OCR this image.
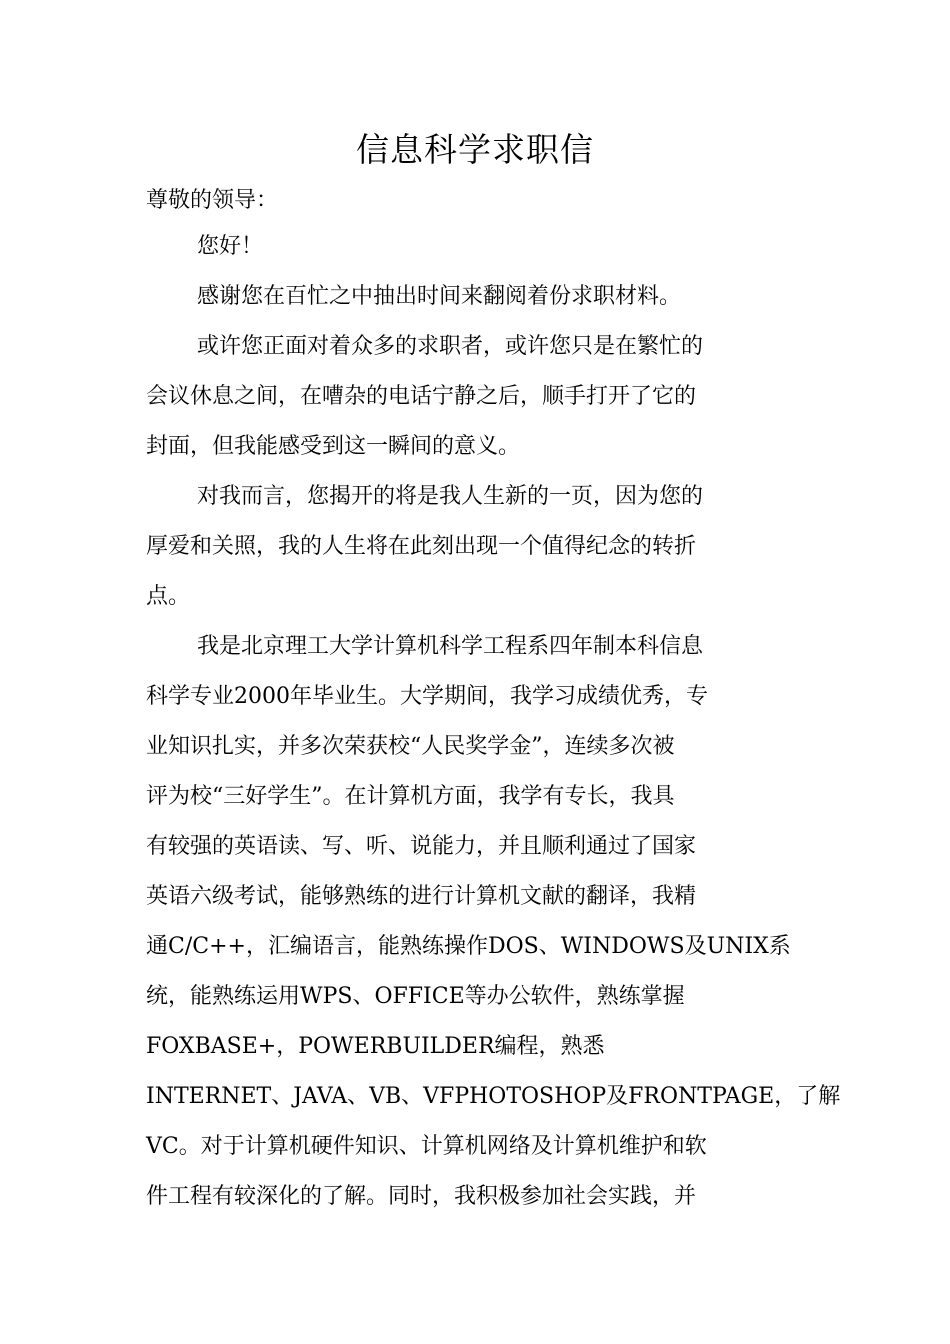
信息科学求职信
尊敬的领导：
您好！
感谢您在百忙之中抽出时间来翻阅着份求职材料。
或许您正面对着众多的求职者，或许您只是在繁忙的
会议休息之间，在嘈杂的电话宁静之后，顺手打开了它的
封面，但我能感受到这一瞬间的意义。
对我而言，您揭开的将是我人生新的一页，因为您的
厚爱和关照，我的人生将在此刻出现一个值得纪念的转折
点。
我是北京理工大学计算机科学工程系四年制本科信息
科学专业2000年毕业生。大学期间，我学习成绩优秀，专
业知识扎实，并多次荣获校“人民奖学金”，连续多次被
评为校“三好学生”。在计算机方面，我学有专长，我具
有较强的英语读、写、听、说能力，并且顺利通过了国家
英语六级考试，能够熟练的进行计算机文献的翻译，我精
通C/C++，汇编语言，能熟练操作DOS、WINDOWS及UNIX系
统，能熟练运用WPS、OFFICE等办公软件，熟练掌握
FOXBASE+，POWERBUILDER编程，熟悉
INTERNET、JAVA、VB、VFPHOTOSHOP及FRONTPAGE，了解
VC。对于计算机硬件知识、计算机网络及计算机维护和软
件工程有较深化的了解。同时，我积极参加社会实践，并
